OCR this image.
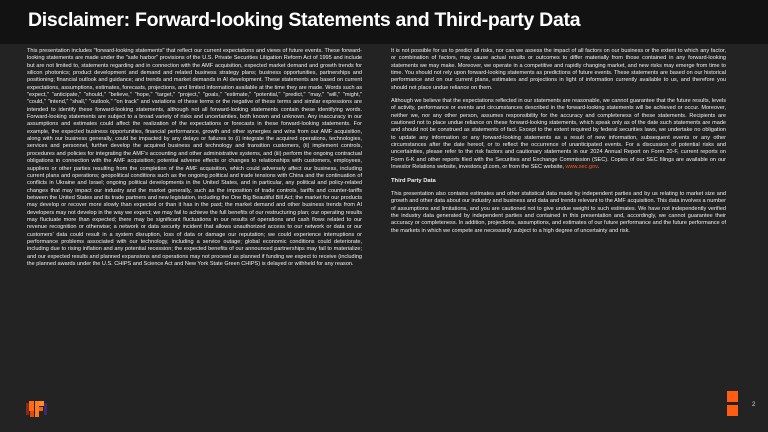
Disclaimer: Forward-looking Statements and Third-party Data

This presentation includes "forward-looking statements" that reflect our current expectations and views of future events. These forward-looking statements are made under the "safe harbor" provisions of the U.S. Private Securities Litigation Reform Act of 1995 and include but are not limited to, statements regarding and in connection with the AMF acquisition, expected market demand and growth trends for silicon photonics; product development and demand and related business strategy plans; business opportunities, partnerships and positioning; financial outlook and guidance; and trends and market demands in AI development. These statements are based on current expectations, assumptions, estimates, forecasts, projections, and limited information available at the time they are made. Words such as "expect," "anticipate," "should," "believe," "hope," "target," "project," "goals," "estimate," "potential," "predict," "may," "will," "might," "could," "intend," "shall," "outlook," "on track" and variations of these terms or the negative of these terms and similar expressions are intended to identify these forward-looking statements, although not all forward-looking statements contain these identifying words. Forward-looking statements are subject to a broad variety of risks and uncertainties, both known and unknown. Any inaccuracy in our assumptions and estimates could affect the realization of the expectations or forecasts in these forward-looking statements. For example, the expected business opportunities, financial performance, growth and other synergies and wins from our AMF acquisition, along with our business generally, could be impacted by any delays or failures to (i) integrate the acquired operations, technologies, services and personnel, further develop the acquired business and technology and transition customers, (ii) implement controls, procedures and policies for integrating the AMF's accounting and other administrative systems, and (iii) perform the ongoing contractual obligations in connection with the AMF acquisition; potential adverse effects or changes to relationships with customers, employees, suppliers or other parties resulting from the completion of the AMF acquisition, which could adversely affect our business, including current plans and operations; geopolitical conditions such as the ongoing political and trade tensions with China and the continuation of conflicts in Ukraine and Israel; ongoing political developments in the United States, and in particular, any political and policy-related changes that may impact our industry and the market generally, such as the imposition of trade controls, tariffs and counter-tariffs between the United States and its trade partners and new legislation, including the One Big Beautiful Bill Act; the market for our products may develop or recover more slowly than expected or than it has in the past; the market demand and other business trends from AI developers may not develop in the way we expect; we may fail to achieve the full benefits of our restructuring plan; our operating results may fluctuate more than expected; there may be significant fluctuations in our results of operations and cash flows related to our revenue recognition or otherwise; a network or data security incident that allows unauthorized access to our network or data or our customers' data could result in a system disruption, loss of data or damage our reputation; we could experience interruptions or performance problems associated with our technology, including a service outage; global economic conditions could deteriorate, including due to rising inflation and any potential recession; the expected benefits of our announced partnerships may fail to materialize; and our expected results and planned expansions and operations may not proceed as planned if funding we expect to receive (including the planned awards under the U.S. CHIPS and Science Act and New York State Green CHIPS) is delayed or withheld for any reason.

It is not possible for us to predict all risks, nor can we assess the impact of all factors on our business or the extent to which any factor, or combination of factors, may cause actual results or outcomes to differ materially from those contained in any forward-looking statements we may make. Moreover, we operate in a competitive and rapidly changing market, and new risks may emerge from time to time. You should not rely upon forward-looking statements as predictions of future events. These statements are based on our historical performance and on our current plans, estimates and projections in light of information currently available to us, and therefore you should not place undue reliance on them.

Although we believe that the expectations reflected in our statements are reasonable, we cannot guarantee that the future results, levels of activity, performance or events and circumstances described in the forward-looking statements will be achieved or occur. Moreover, neither we, nor any other person, assumes responsibility for the accuracy and completeness of these statements. Recipients are cautioned not to place undue reliance on these forward-looking statements, which speak only as of the date such statements are made and should not be construed as statements of fact. Except to the extent required by federal securities laws, we undertake no obligation to update any information or any forward-looking statements as a result of new information, subsequent events or any other circumstances after the date hereof, or to reflect the occurrence of unanticipated events. For a discussion of potential risks and uncertainties, please refer to the risk factors and cautionary statements in our 2024 Annual Report on Form 20-F, current reports on Form 6-K and other reports filed with the Securities and Exchange Commission (SEC). Copies of our SEC filings are available on our Investor Relations website, investors.gf.com, or from the SEC website, www.sec.gov.

Third Party Data

This presentation also contains estimates and other statistical data made by independent parties and by us relating to market size and growth and other data about our industry and business and data and trends relevant to the AMF acquisition. This data involves a number of assumptions and limitations, and you are cautioned not to give undue weight to such estimates. We have not independently verified the industry data generated by independent parties and contained in this presentation and, accordingly, we cannot guarantee their accuracy or completeness. In addition, projections, assumptions, and estimates of our future performance and the future performance of the markets in which we compete are necessarily subject to a high degree of uncertainty and risk.

2
